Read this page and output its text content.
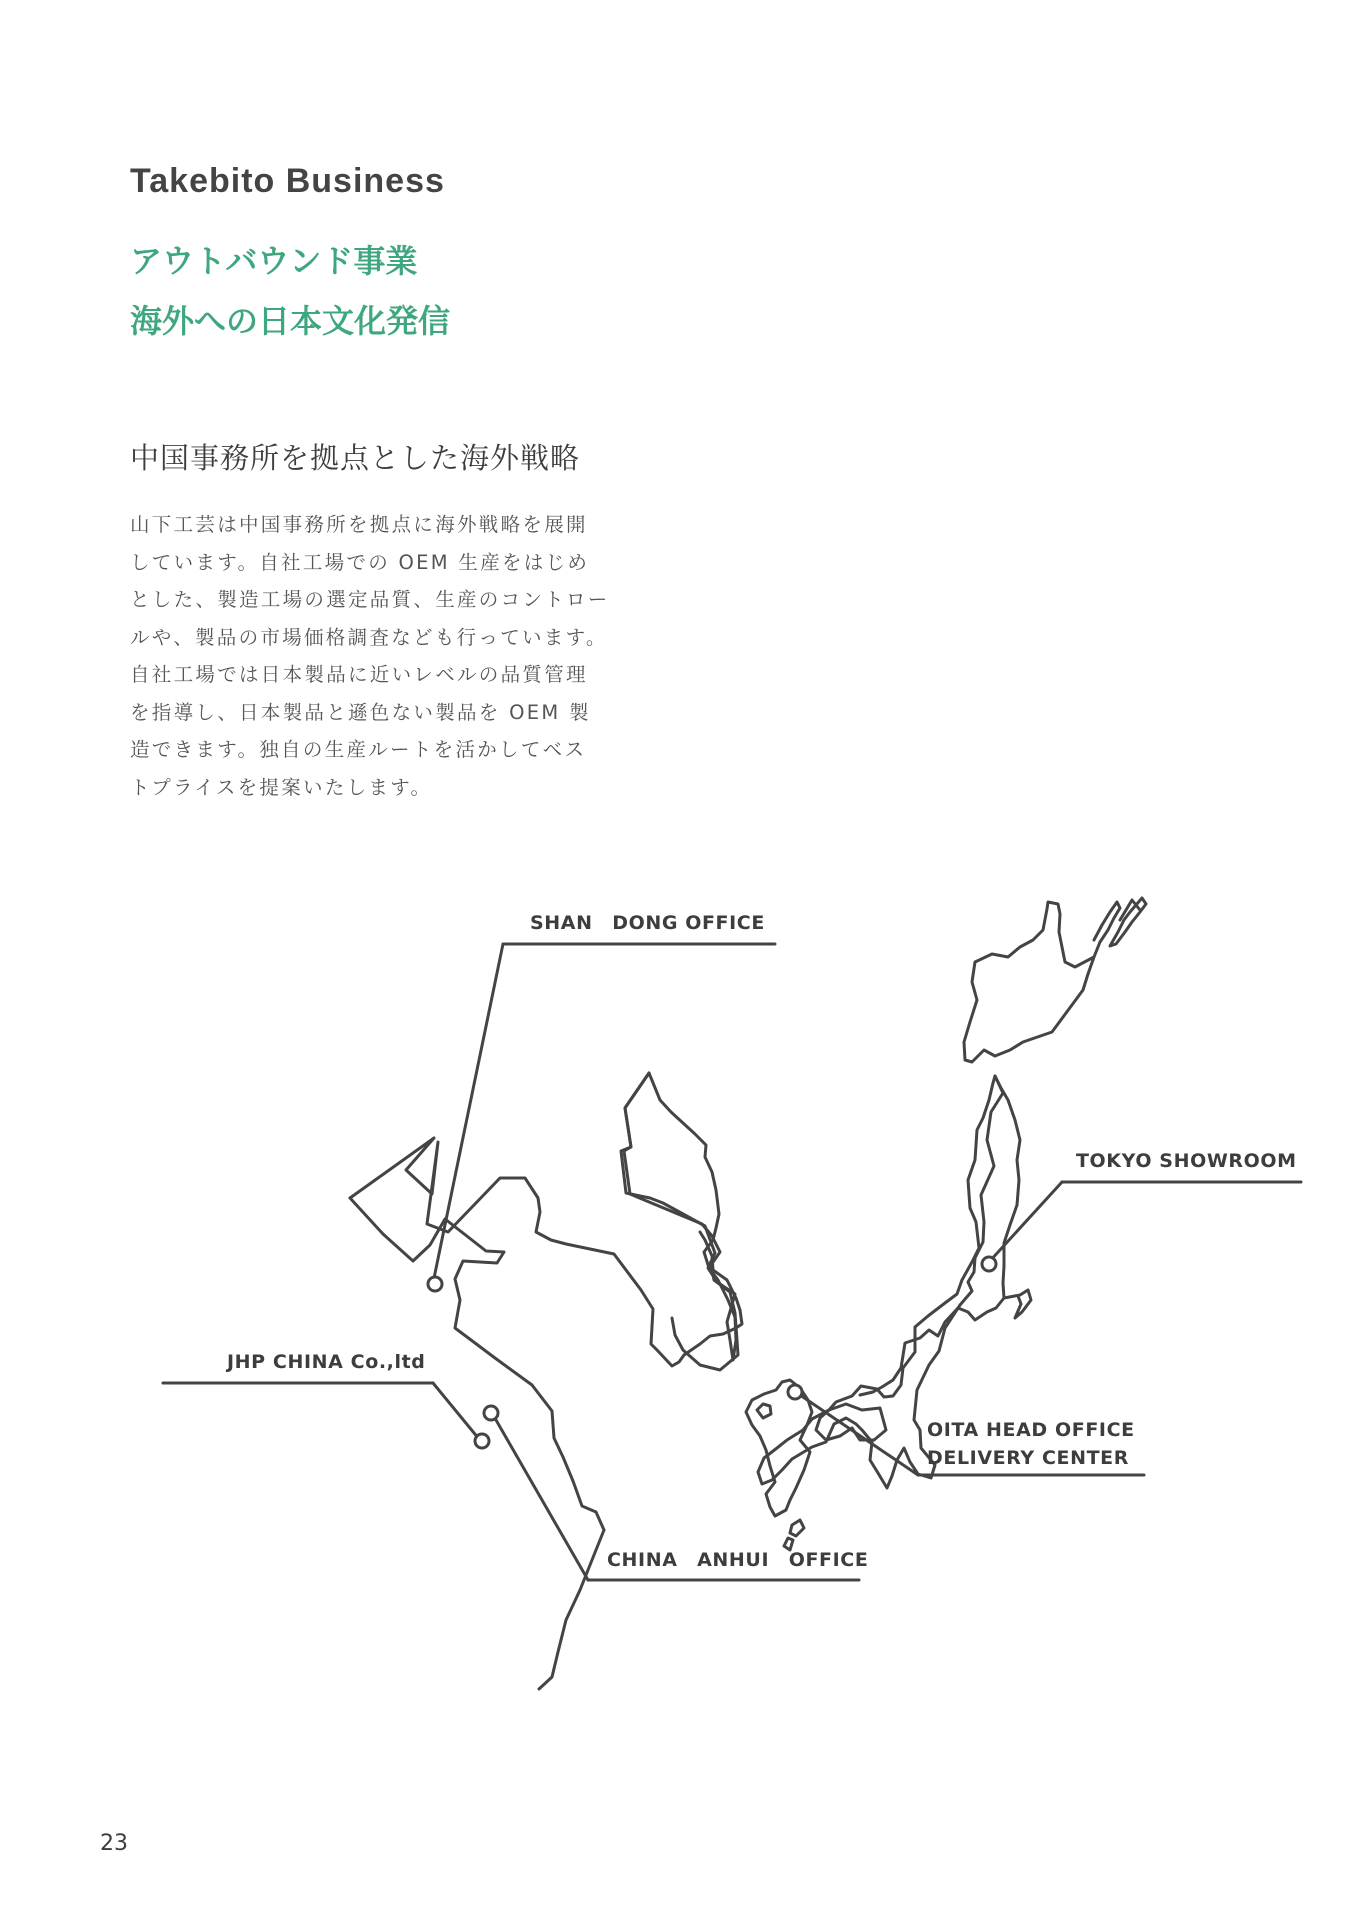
Takebito Business
アウトバウンド事業
海外への日本文化発信
中国事務所を拠点とした海外戦略
山下工芸は中国事務所を拠点に海外戦略を展開
しています。自社工場での OEM 生産をはじめ
とした、製造工場の選定品質、生産のコントロー
ルや、製品の市場価格調査なども行っています。
自社工場では日本製品に近いレベルの品質管理
を指導し、日本製品と遜色ない製品を OEM 製
造できます。独自の生産ルートを活かしてベス
トプライスを提案いたします。
SHAN　DONG OFFICE
TOKYO SHOWROOM
JHP CHINA Co.,ltd
OITA HEAD OFFICE
DELIVERY CENTER
CHINA　ANHUI　OFFICE
23
